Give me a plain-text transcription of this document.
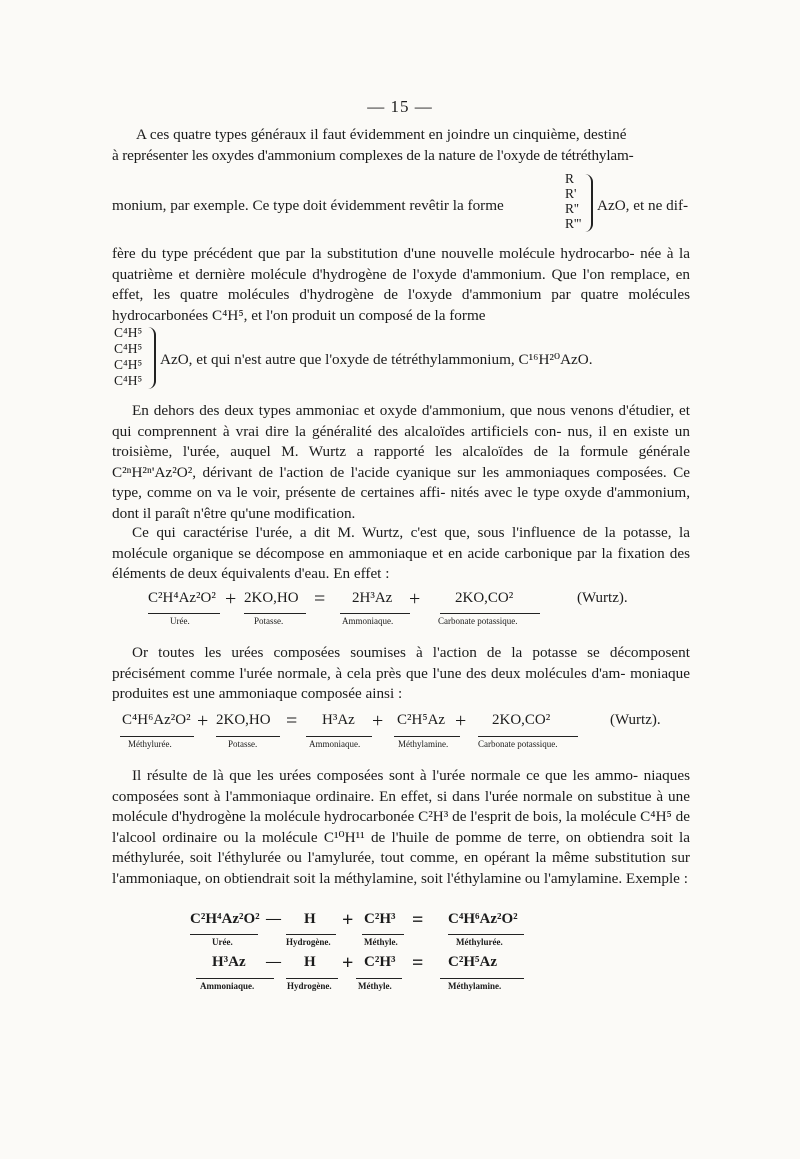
— 15 —
A ces quatre types généraux il faut évidemment en joindre un cinquième, destiné
à représenter les oxydes d'ammonium complexes de la nature de l'oxyde de tétréthylam-
R
R'
R''
R'''
monium, par exemple. Ce type doit évidemment revêtir la forme	AzO, et ne dif-
fère du type précédent que par la substitution d'une nouvelle molécule hydrocarbo- née à la quatrième et dernière molécule d'hydrogène de l'oxyde d'ammonium. Que l'on remplace, en effet, les quatre molécules d'hydrogène de l'oxyde d'ammonium par quatre molécules hydrocarbonées C⁴H⁵, et l'on produit un composé de la forme
C⁴H⁵
C⁴H⁵
C⁴H⁵
C⁴H⁵
AzO, et qui n'est autre que l'oxyde de tétréthylammonium, C¹⁶H²⁰AzO.
En dehors des deux types ammoniac et oxyde d'ammonium, que nous venons d'étudier, et qui comprennent à vrai dire la généralité des alcaloïdes artificiels con- nus, il en existe un troisième, l'urée, auquel M. Wurtz a rapporté les alcaloïdes de la formule générale C²ⁿH²ⁿ'Az²O², dérivant de l'action de l'acide cyanique sur les ammoniaques composées. Ce type, comme on va le voir, présente de certaines affi- nités avec le type oxyde d'ammonium, dont il paraît n'être qu'une modification.
Ce qui caractérise l'urée, a dit M. Wurtz, c'est que, sous l'influence de la potasse, la molécule organique se décompose en ammoniaque et en acide carbonique par la fixation des éléments de deux équivalents d'eau. En effet :
C²H⁴Az²O² + 2KO,HO = 2H³Az + 2KO,CO²	(Wurtz).
Urée.	Potasse.	Ammoniaque.	Carbonate potassique.
Or toutes les urées composées soumises à l'action de la potasse se décomposent précisément comme l'urée normale, à cela près que l'une des deux molécules d'am- moniaque produites est une ammoniaque composée ainsi :
C⁴H⁶Az²O² + 2KO,HO = H³Az + C²H⁵Az + 2KO,CO²	(Wurtz).
Méthylurée.	Potasse.	Ammoniaque.	Méthylamine.	Carbonate potassique.
Il résulte de là que les urées composées sont à l'urée normale ce que les ammo- niaques composées sont à l'ammoniaque ordinaire. En effet, si dans l'urée normale on substitue à une molécule d'hydrogène la molécule hydrocarbonée C²H³ de l'esprit de bois, la molécule C⁴H⁵ de l'alcool ordinaire ou la molécule C¹⁰H¹¹ de l'huile de pomme de terre, on obtiendra soit la méthylurée, soit l'éthylurée ou l'amylurée, tout comme, en opérant la même substitution sur l'ammoniaque, on obtiendrait soit la méthylamine, soit l'éthylamine ou l'amylamine. Exemple :
C²H⁴Az²O² — H + C²H³ = C⁴H⁶Az²O²
Urée.	Hydrogène.	Méthyle.	Méthylurée.
H³Az — H + C²H³ = C²H⁵Az
Ammoniaque.	Hydrogène.	Méthyle.	Méthylamine.
